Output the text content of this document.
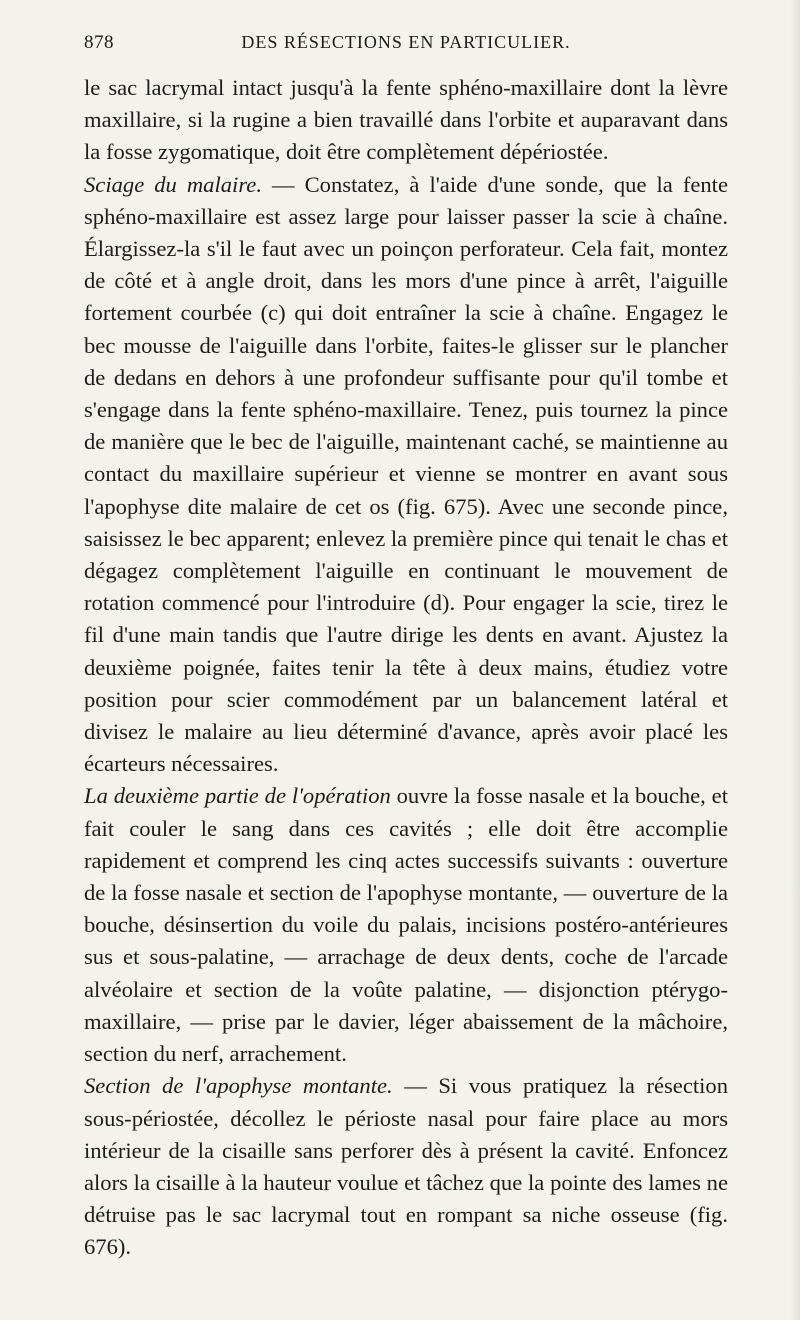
878	DES RÉSECTIONS EN PARTICULIER.

le sac lacrymal intact jusqu'à la fente sphéno-maxillaire dont la lèvre maxillaire, si la rugine a bien travaillé dans l'orbite et auparavant dans la fosse zygomatique, doit être complètement dépériostée.

Sciage du malaire. — Constatez, à l'aide d'une sonde, que la fente sphéno-maxillaire est assez large pour laisser passer la scie à chaîne. Élargissez-la s'il le faut avec un poinçon perforateur. Cela fait, montez de côté et à angle droit, dans les mors d'une pince à arrêt, l'aiguille fortement courbée (c) qui doit entraîner la scie à chaîne. Engagez le bec mousse de l'aiguille dans l'orbite, faites-le glisser sur le plancher de dedans en dehors à une profondeur suffisante pour qu'il tombe et s'engage dans la fente sphéno-maxillaire. Tenez, puis tournez la pince de manière que le bec de l'aiguille, maintenant caché, se maintienne au contact du maxillaire supérieur et vienne se montrer en avant sous l'apophyse dite malaire de cet os (fig. 675). Avec une seconde pince, saisissez le bec apparent; enlevez la première pince qui tenait le chas et dégagez complètement l'aiguille en continuant le mouvement de rotation commencé pour l'introduire (d). Pour engager la scie, tirez le fil d'une main tandis que l'autre dirige les dents en avant. Ajustez la deuxième poignée, faites tenir la tête à deux mains, étudiez votre position pour scier commodément par un balancement latéral et divisez le malaire au lieu déterminé d'avance, après avoir placé les écarteurs nécessaires.

La deuxième partie de l'opération ouvre la fosse nasale et la bouche, et fait couler le sang dans ces cavités ; elle doit être accomplie rapidement et comprend les cinq actes successifs suivants : ouverture de la fosse nasale et section de l'apophyse montante, — ouverture de la bouche, désinsertion du voile du palais, incisions postéro-antérieures sus et sous-palatine, — arrachage de deux dents, coche de l'arcade alvéolaire et section de la voûte palatine, — disjonction ptérygo-maxillaire, — prise par le davier, léger abaissement de la mâchoire, section du nerf, arrachement.

Section de l'apophyse montante. — Si vous pratiquez la résection sous-périostée, décollez le périoste nasal pour faire place au mors intérieur de la cisaille sans perforer dès à présent la cavité. Enfoncez alors la cisaille à la hauteur voulue et tâchez que la pointe des lames ne détruise pas le sac lacrymal tout en rompant sa niche osseuse (fig. 676).
